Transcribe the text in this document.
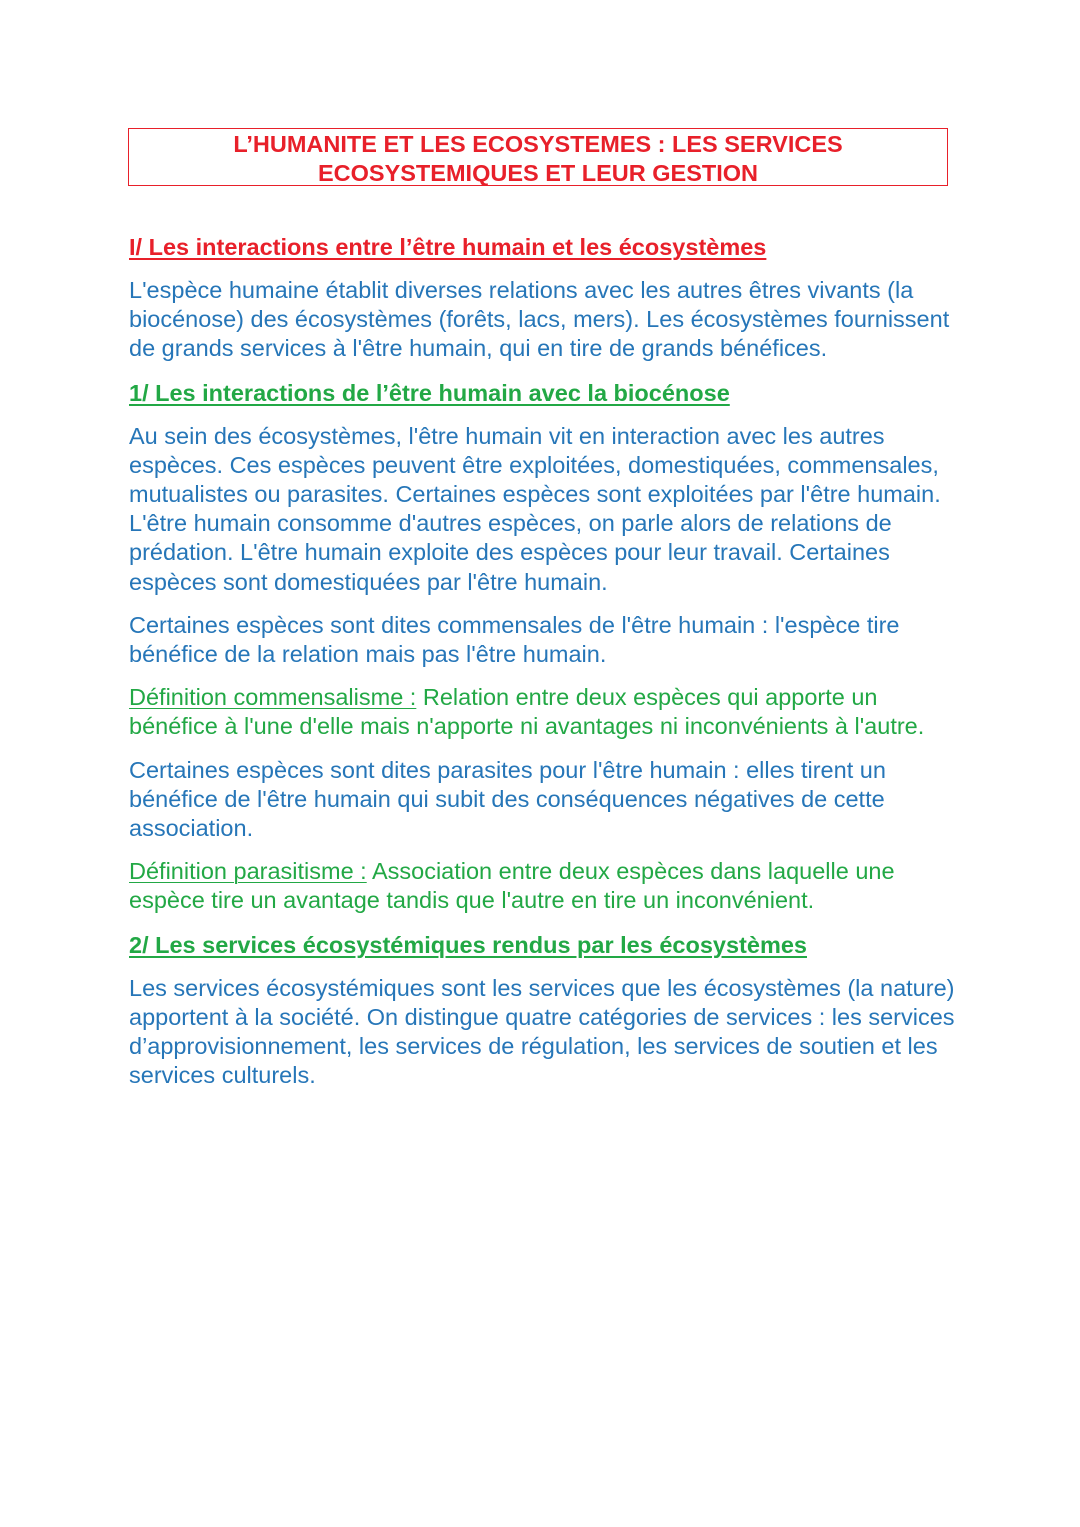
L’HUMANITE ET LES ECOSYSTEMES : LES SERVICES
ECOSYSTEMIQUES ET LEUR GESTION
I/ Les interactions entre l’être humain et les écosystèmes

L'espèce humaine établit diverses relations avec les autres êtres vivants (la biocénose) des écosystèmes (forêts, lacs, mers). Les écosystèmes fournissent de grands services à l'être humain, qui en tire de grands bénéfices.

1/ Les interactions de l’être humain avec la biocénose

Au sein des écosystèmes, l'être humain vit en interaction avec les autres espèces. Ces espèces peuvent être exploitées, domestiquées, commensales, mutualistes ou parasites. Certaines espèces sont exploitées par l'être humain. L'être humain consomme d'autres espèces, on parle alors de relations de prédation. L'être humain exploite des espèces pour leur travail. Certaines espèces sont domestiquées par l'être humain.

Certaines espèces sont dites commensales de l'être humain : l'espèce tire bénéfice de la relation mais pas l'être humain.

Définition commensalisme : Relation entre deux espèces qui apporte un bénéfice à l'une d'elle mais n'apporte ni avantages ni inconvénients à l'autre.

Certaines espèces sont dites parasites pour l'être humain : elles tirent un bénéfice de l'être humain qui subit des conséquences négatives de cette association.

Définition parasitisme : Association entre deux espèces dans laquelle une espèce tire un avantage tandis que l'autre en tire un inconvénient.

2/ Les services écosystémiques rendus par les écosystèmes

Les services écosystémiques sont les services que les écosystèmes (la nature) apportent à la société. On distingue quatre catégories de services : les services d’approvisionnement, les services de régulation, les services de soutien et les services culturels.
